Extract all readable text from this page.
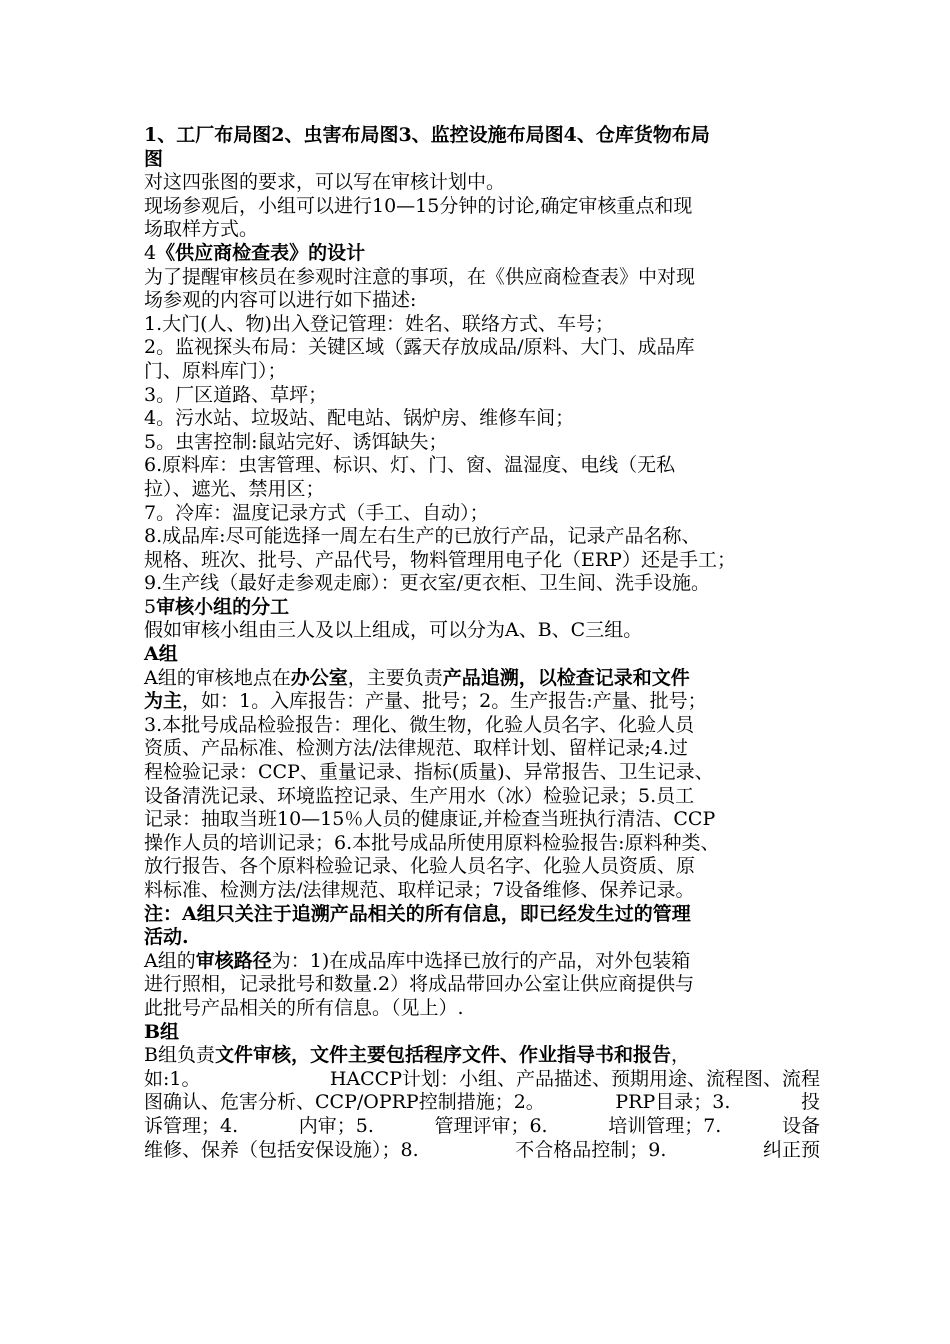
1、工厂布局图2、虫害布局图3、监控设施布局图4、仓库货物布局
图
对这四张图的要求，可以写在审核计划中。
现场参观后，小组可以进行10—15分钟的讨论,确定审核重点和现
场取样方式。
4《供应商检查表》的设计
为了提醒审核员在参观时注意的事项，在《供应商检查表》中对现
场参观的内容可以进行如下描述:
1.大门(人、物)出入登记管理：姓名、联络方式、车号；
2。监视探头布局：关键区域（露天存放成品/原料、大门、成品库
门、原料库门）；
3。厂区道路、草坪；
4。污水站、垃圾站、配电站、锅炉房、维修车间；
5。虫害控制:鼠站完好、诱饵缺失；
6.原料库：虫害管理、标识、灯、门、窗、温湿度、电线（无私
拉）、遮光、禁用区；
7。冷库：温度记录方式（手工、自动）；
8.成品库:尽可能选择一周左右生产的已放行产品，记录产品名称、
规格、班次、批号、产品代号，物料管理用电子化（ERP）还是手工；
9.生产线（最好走参观走廊）：更衣室/更衣柜、卫生间、洗手设施。
5审核小组的分工
假如审核小组由三人及以上组成，可以分为A、B、C三组。
A组
A组的审核地点在办公室，主要负责产品追溯，以检查记录和文件
为主，如：1。入库报告：产量、批号；2。生产报告:产量、批号；
3.本批号成品检验报告：理化、微生物，化验人员名字、化验人员
资质、产品标准、检测方法/法律规范、取样计划、留样记录;4.过
程检验记录：CCP、重量记录、指标(质量)、异常报告、卫生记录、
设备清洗记录、环境监控记录、生产用水（冰）检验记录；5.员工
记录：抽取当班10—15％人员的健康证,并检查当班执行清洁、CCP
操作人员的培训记录；6.本批号成品所使用原料检验报告:原料种类、
放行报告、各个原料检验记录、化验人员名字、化验人员资质、原
料标准、检测方法/法律规范、取样记录；7设备维修、保养记录。
注：A组只关注于追溯产品相关的所有信息，即已经发生过的管理
活动.
A组的审核路径为：1)在成品库中选择已放行的产品，对外包装箱
进行照相，记录批号和数量.2）将成品带回办公室让供应商提供与
此批号产品相关的所有信息。（见上）.
B组
B组负责文件审核，文件主要包括程序文件、作业指导书和报告，
如:1。	HACCP计划：小组、产品描述、预期用途、流程图、流程
图确认、危害分析、CCP/OPRP控制措施；2。	PRP目录；3.	投
诉管理；4.	内审；5.	管理评审；6.	培训管理；7.	设备
维修、保养（包括安保设施）；8.	不合格品控制；9.	纠正预
